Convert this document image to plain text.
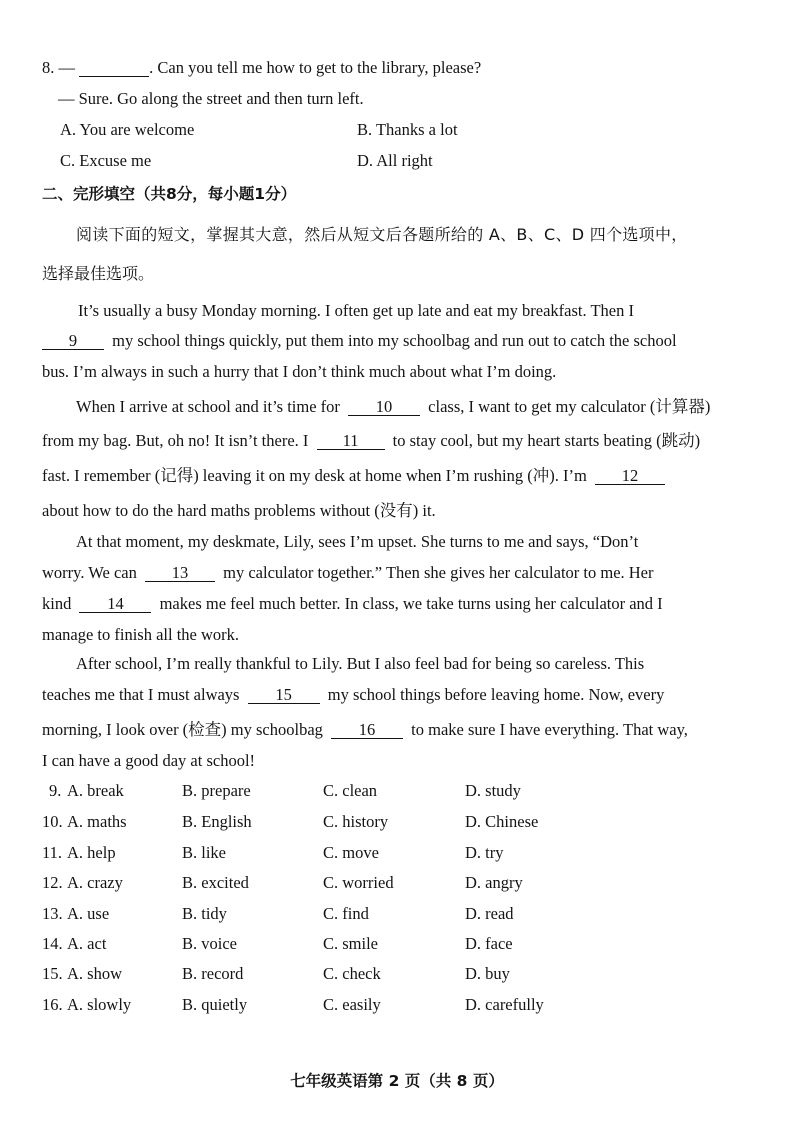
8. —	. Can you tell me how to get to the library, please?
— Sure. Go along the street and then turn left.
A. You are welcome	B. Thanks a lot
C. Excuse me	D. All right
二、完形填空（共8分，每小题1分）
阅读下面的短文，掌握其大意，然后从短文后各题所给的 A、B、C、D 四个选项中，
选择最佳选项。
It’s usually a busy Monday morning. I often get up late and eat my breakfast. Then I
9 my school things quickly, put them into my schoolbag and run out to catch the school
bus. I’m always in such a hurry that I don’t think much about what I’m doing.
When I arrive at school and it’s time for 10 class, I want to get my calculator (计算器)
from my bag. But, oh no! It isn’t there. I 11 to stay cool, but my heart starts beating (跳动)
fast. I remember (记得) leaving it on my desk at home when I’m rushing (冲). I’m 12
about how to do the hard maths problems without (没有) it.
At that moment, my deskmate, Lily, sees I’m upset. She turns to me and says, “Don’t
worry. We can 13 my calculator together.” Then she gives her calculator to me. Her
kind 14 makes me feel much better. In class, we take turns using her calculator and I
manage to finish all the work.
After school, I’m really thankful to Lily. But I also feel bad for being so careless. This
teaches me that I must always 15 my school things before leaving home. Now, every
morning, I look over (检查) my schoolbag 16 to make sure I have everything. That way,
I can have a good day at school!
9. A. break	B. prepare	C. clean	D. study
10. A. maths	B. English	C. history	D. Chinese
11. A. help	B. like	C. move	D. try
12. A. crazy	B. excited	C. worried	D. angry
13. A. use	B. tidy	C. find	D. read
14. A. act	B. voice	C. smile	D. face
15. A. show	B. record	C. check	D. buy
16. A. slowly	B. quietly	C. easily	D. carefully
七年级英语第 2 页（共 8 页）
